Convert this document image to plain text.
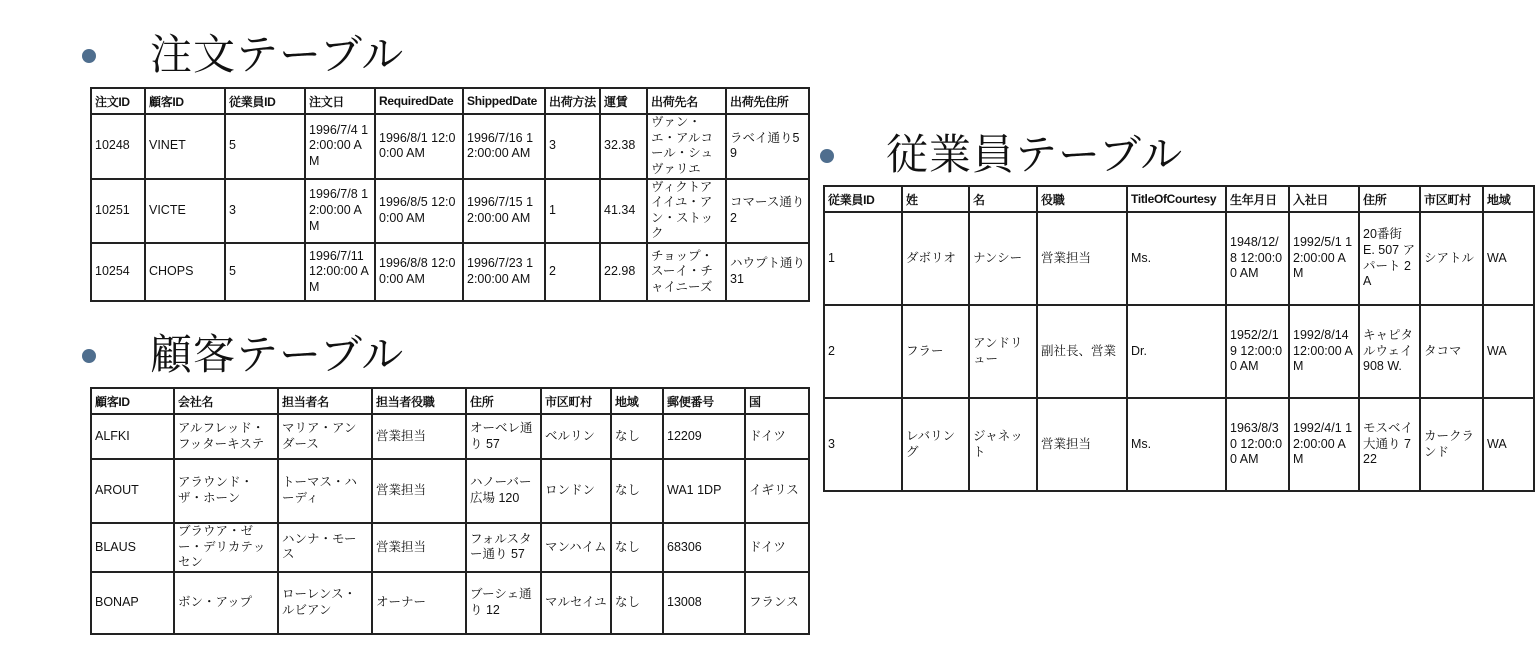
注文テーブル
注文ID	顧客ID	従業員ID	注文日	RequiredDate	ShippedDate	出荷方法	運賃	出荷先名	出荷先住所
10248	VINET	5	1996/7/4 12:00:00 AM	1996/8/1 12:00:00 AM	1996/7/16 12:00:00 AM	3	32.38	ヴァン・エ・アルコール・シュヴァリエ	ラベイ通り59
10251	VICTE	3	1996/7/8 12:00:00 AM	1996/8/5 12:00:00 AM	1996/7/15 12:00:00 AM	1	41.34	ヴィクトアイイユ・アン・ストック	コマース通り2
10254	CHOPS	5	1996/7/11 12:00:00 AM	1996/8/8 12:00:00 AM	1996/7/23 12:00:00 AM	2	22.98	チョップ・スーイ・チャイニーズ	ハウプト通り31
顧客テーブル
顧客ID	会社名	担当者名	担当者役職	住所	市区町村	地域	郵便番号	国
ALFKI	アルフレッド・フッターキステ	マリア・アンダース	営業担当	オーベレ通り 57	ベルリン	なし	12209	ドイツ
AROUT	アラウンド・ザ・ホーン	トーマス・ハーディ	営業担当	ハノーバー広場 120	ロンドン	なし	WA1 1DP	イギリス
BLAUS	ブラウア・ゼー・デリカテッセン	ハンナ・モース	営業担当	フォルスター通り 57	マンハイム	なし	68306	ドイツ
BONAP	ボン・アップ	ローレンス・ルビアン	オーナー	ブーシェ通り 12	マルセイユ	なし	13008	フランス
従業員テーブル
従業員ID	姓	名	役職	TitleOfCourtesy	生年月日	入社日	住所	市区町村	地域
1	ダボリオ	ナンシー	営業担当	Ms.	1948/12/8 12:00:00 AM	1992/5/1 12:00:00 AM	20番街 E. 507 アパート 2A	シアトル	WA
2	フラー	アンドリュー	副社長、営業	Dr.	1952/2/19 12:00:00 AM	1992/8/14 12:00:00 AM	キャピタルウェイ 908 W.	タコマ	WA
3	レバリング	ジャネット	営業担当	Ms.	1963/8/30 12:00:00 AM	1992/4/1 12:00:00 AM	モスベイ大通り 722	カークランド	WA
